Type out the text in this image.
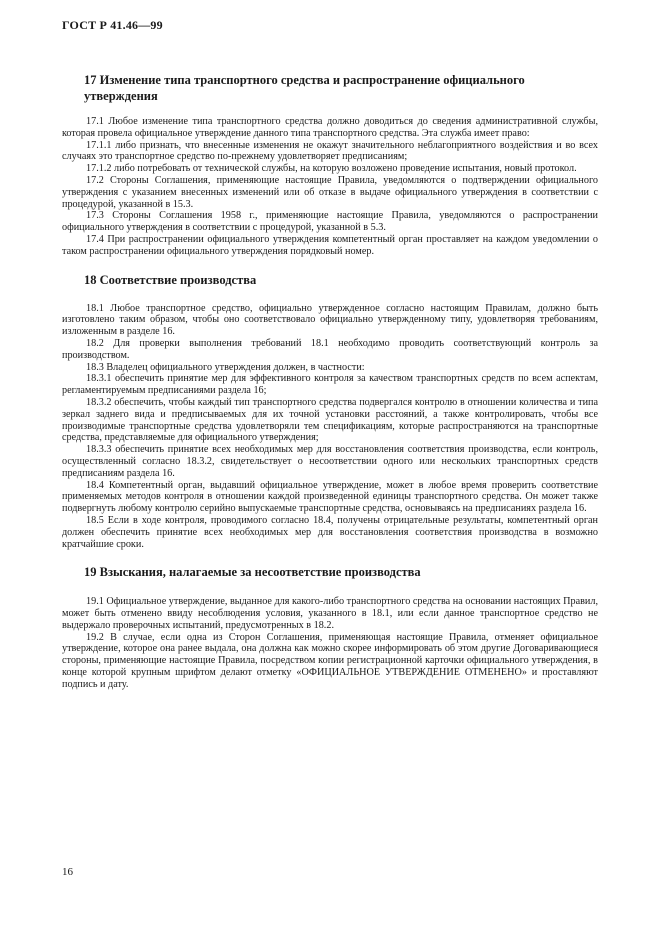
ГОСТ Р 41.46—99
17 Изменение типа транспортного средства и распространение официального утверждения

17.1 Любое изменение типа транспортного средства должно доводиться до сведения административной службы, которая провела официальное утверждение данного типа транспортного средства. Эта служба имеет право:

17.1.1 либо признать, что внесенные изменения не окажут значительного неблагоприятного воздействия и во всех случаях это транспортное средство по-прежнему удовлетворяет предписаниям;

17.1.2 либо потребовать от технической службы, на которую возложено проведение испытания, новый протокол.

17.2 Стороны Соглашения, применяющие настоящие Правила, уведомляются о подтверждении официального утверждения с указанием внесенных изменений или об отказе в выдаче официального утверждения в соответствии с процедурой, указанной в 15.3.

17.3 Стороны Соглашения 1958 г., применяющие настоящие Правила, уведомляются о распространении официального утверждения в соответствии с процедурой, указанной в 5.3.

17.4 При распространении официального утверждения компетентный орган проставляет на каждом уведомлении о таком распространении официального утверждения порядковый номер.

18 Соответствие производства

18.1 Любое транспортное средство, официально утвержденное согласно настоящим Правилам, должно быть изготовлено таким образом, чтобы оно соответствовало официально утвержденному типу, удовлетворяя требованиям, изложенным в разделе 16.

18.2 Для проверки выполнения требований 18.1 необходимо проводить соответствующий контроль за производством.

18.3 Владелец официального утверждения должен, в частности:

18.3.1 обеспечить принятие мер для эффективного контроля за качеством транспортных средств по всем аспектам, регламентируемым предписаниями раздела 16;

18.3.2 обеспечить, чтобы каждый тип транспортного средства подвергался контролю в отношении количества и типа зеркал заднего вида и предписываемых для их точной установки расстояний, а также контролировать, чтобы все производимые транспортные средства удовлетворяли тем спецификациям, которые распространяются на транспортные средства, представляемые для официального утверждения;

18.3.3 обеспечить принятие всех необходимых мер для восстановления соответствия производства, если контроль, осуществленный согласно 18.3.2, свидетельствует о несоответствии одного или нескольких транспортных средств предписаниям раздела 16.

18.4 Компетентный орган, выдавший официальное утверждение, может в любое время проверить соответствие применяемых методов контроля в отношении каждой произведенной единицы транспортного средства. Он может также подвергнуть любому контролю серийно выпускаемые транспортные средства, основываясь на предписаниях раздела 16.

18.5 Если в ходе контроля, проводимого согласно 18.4, получены отрицательные результаты, компетентный орган должен обеспечить принятие всех необходимых мер для восстановления соответствия производства в возможно кратчайшие сроки.

19 Взыскания, налагаемые за несоответствие производства

19.1 Официальное утверждение, выданное для какого-либо транспортного средства на основании настоящих Правил, может быть отменено ввиду несоблюдения условия, указанного в 18.1, или если данное транспортное средство не выдержало проверочных испытаний, предусмотренных в 18.2.

19.2 В случае, если одна из Сторон Соглашения, применяющая настоящие Правила, отменяет официальное утверждение, которое она ранее выдала, она должна как можно скорее информировать об этом другие Договаривающиеся стороны, применяющие настоящие Правила, посредством копии регистрационной карточки официального утверждения, в конце которой крупным шрифтом делают отметку «ОФИЦИАЛЬНОЕ УТВЕРЖДЕНИЕ ОТМЕНЕНО» и проставляют подпись и дату.

16
